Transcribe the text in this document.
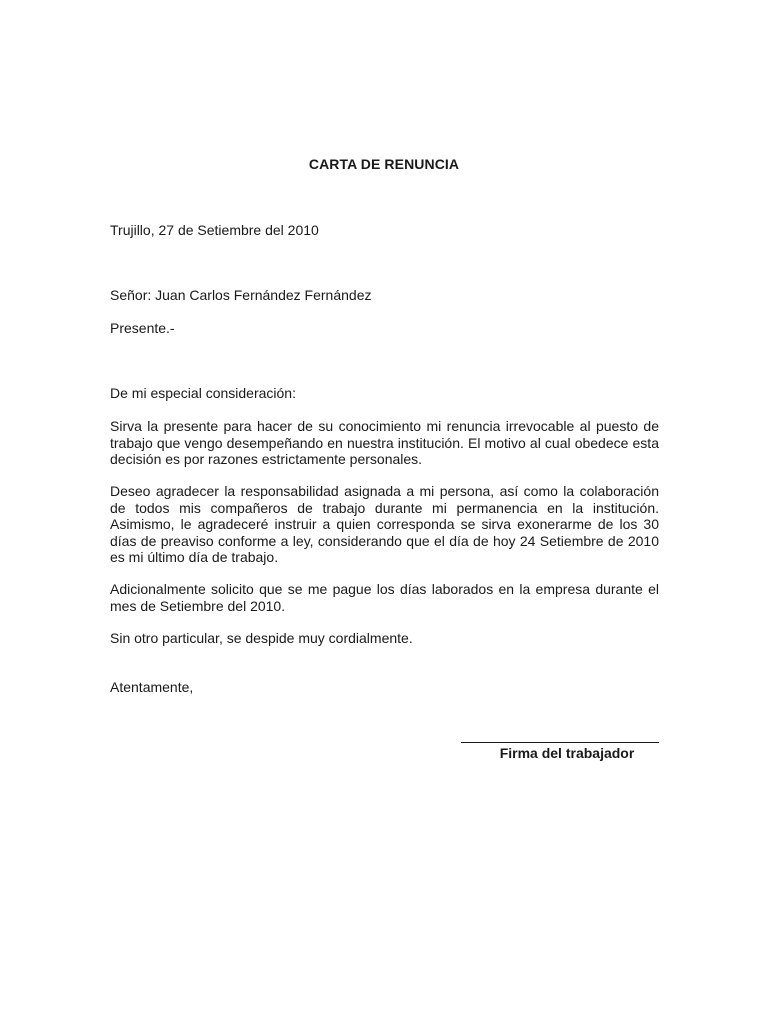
CARTA DE RENUNCIA
Trujillo, 27 de Setiembre del 2010
Señor: Juan Carlos Fernández Fernández
Presente.-
De mi especial consideración:
Sirva la presente para hacer de su conocimiento mi renuncia irrevocable al puesto de trabajo que vengo desempeñando en nuestra institución. El motivo al cual obedece esta decisión es por razones estrictamente personales.
Deseo agradecer la responsabilidad asignada a mi persona, así como la colaboración de todos mis compañeros de trabajo durante mi permanencia en la institución. Asimismo, le agradeceré instruir a quien corresponda se sirva exonerarme de los 30 días de preaviso conforme a ley, considerando que el día de hoy 24 Setiembre de 2010 es mi último día de trabajo.
Adicionalmente solicito que se me pague los días laborados en la empresa durante el mes de Setiembre del 2010.
Sin otro particular, se despide muy cordialmente.
Atentamente,
Firma del trabajador
